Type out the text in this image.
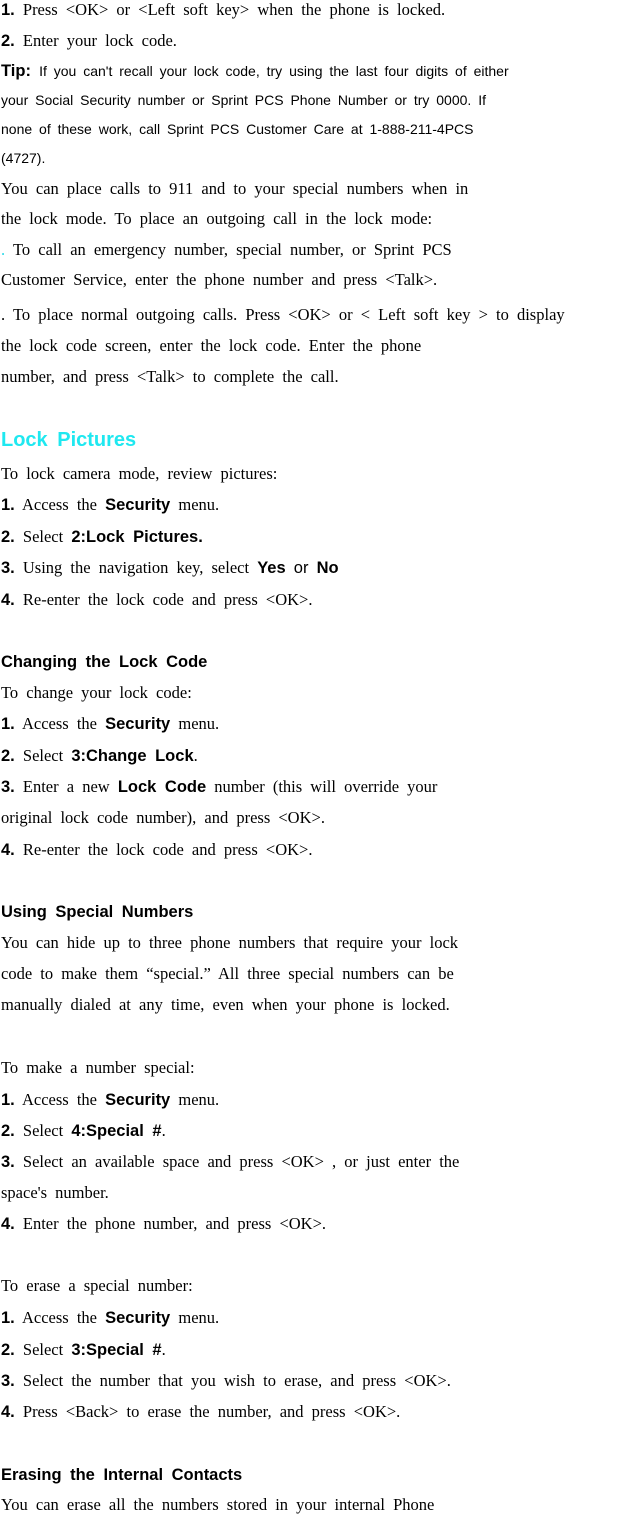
1. Press <OK> or <Left soft key> when the phone is locked.
2. Enter your lock code.
Tip: If you can't recall your lock code, try using the last four digits of either
your Social Security number or Sprint PCS Phone Number or try 0000. If
none of these work, call Sprint PCS Customer Care at 1-888-211-4PCS
(4727).
You can place calls to 911 and to your special numbers when in
the lock mode. To place an outgoing call in the lock mode:
. To call an emergency number, special number, or Sprint PCS
Customer Service, enter the phone number and press <Talk>.
. To place normal outgoing calls. Press <OK> or < Left soft key > to display
the lock code screen, enter the lock code. Enter the phone
number, and press <Talk> to complete the call.
Lock Pictures
To lock camera mode, review pictures:
1. Access the Security menu.
2. Select 2:Lock Pictures.
3. Using the navigation key, select Yes or No
4. Re-enter the lock code and press <OK>.
Changing the Lock Code
To change your lock code:
1. Access the Security menu.
2. Select 3:Change Lock.
3. Enter a new Lock Code number (this will override your
original lock code number), and press <OK>.
4. Re-enter the lock code and press <OK>.
Using Special Numbers
You can hide up to three phone numbers that require your lock
code to make them “special.” All three special numbers can be
manually dialed at any time, even when your phone is locked.
To make a number special:
1. Access the Security menu.
2. Select 4:Special #.
3. Select an available space and press <OK> , or just enter the
space's number.
4. Enter the phone number, and press <OK>.
To erase a special number:
1. Access the Security menu.
2. Select 3:Special #.
3. Select the number that you wish to erase, and press <OK>.
4. Press <Back> to erase the number, and press <OK>.
Erasing the Internal Contacts
You can erase all the numbers stored in your internal Phone
